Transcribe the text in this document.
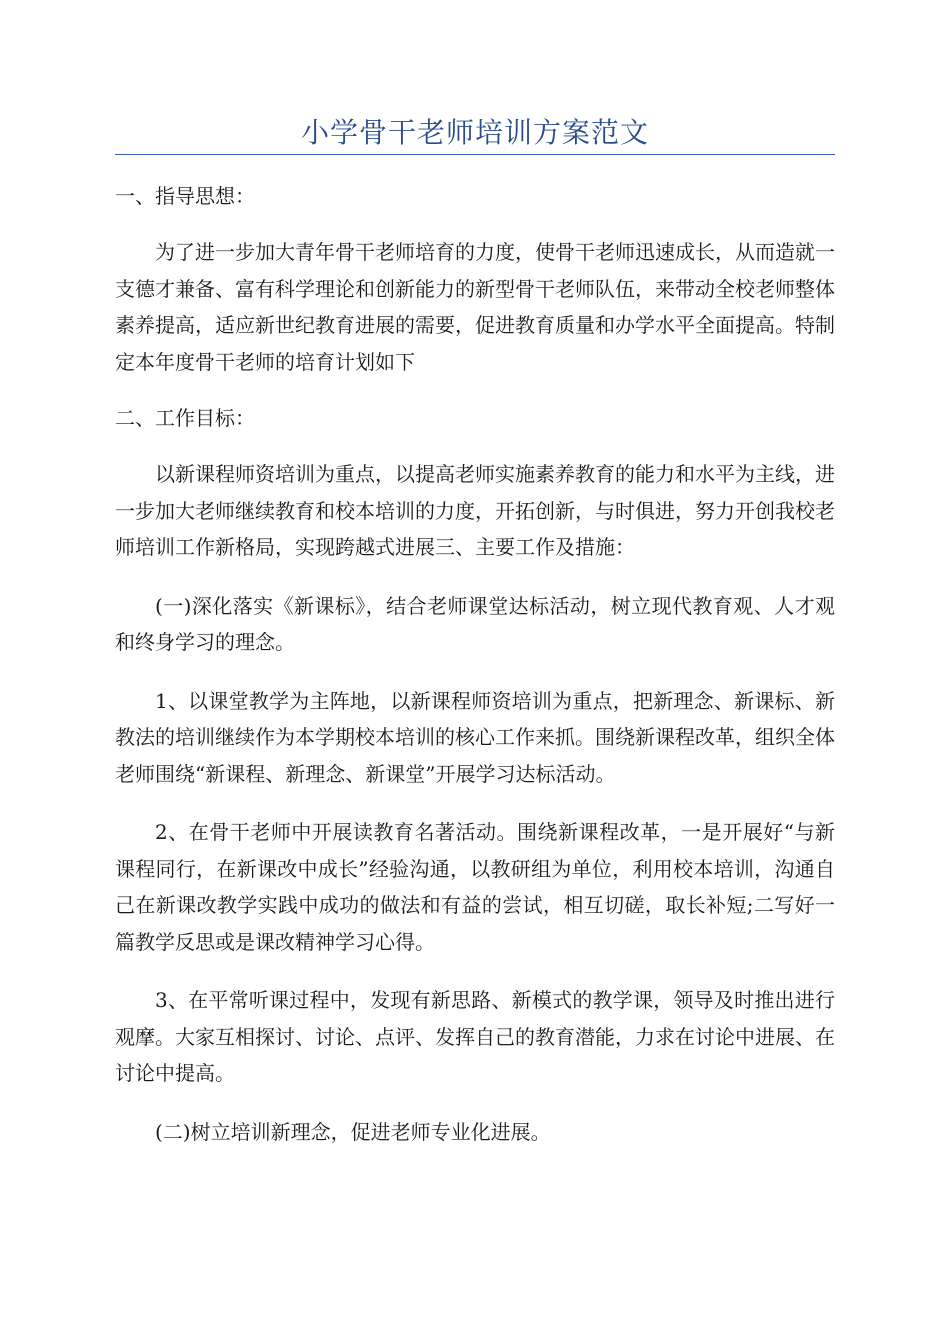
小学骨干老师培训方案范文

一、指导思想：

为了进一步加大青年骨干老师培育的力度，使骨干老师迅速成长，从而造就一支德才兼备、富有科学理论和创新能力的新型骨干老师队伍，来带动全校老师整体素养提高，适应新世纪教育进展的需要，促进教育质量和办学水平全面提高。特制定本年度骨干老师的培育计划如下

二、工作目标：

以新课程师资培训为重点，以提高老师实施素养教育的能力和水平为主线，进一步加大老师继续教育和校本培训的力度，开拓创新，与时俱进，努力开创我校老师培训工作新格局，实现跨越式进展三、主要工作及措施：

(一)深化落实《新课标》，结合老师课堂达标活动，树立现代教育观、人才观和终身学习的理念。

1、以课堂教学为主阵地，以新课程师资培训为重点，把新理念、新课标、新教法的培训继续作为本学期校本培训的核心工作来抓。围绕新课程改革，组织全体老师围绕“新课程、新理念、新课堂”开展学习达标活动。

2、在骨干老师中开展读教育名著活动。围绕新课程改革，一是开展好“与新课程同行，在新课改中成长”经验沟通，以教研组为单位，利用校本培训，沟通自己在新课改教学实践中成功的做法和有益的尝试，相互切磋，取长补短;二写好一篇教学反思或是课改精神学习心得。

3、在平常听课过程中，发现有新思路、新模式的教学课，领导及时推出进行观摩。大家互相探讨、讨论、点评、发挥自己的教育潜能，力求在讨论中进展、在讨论中提高。

(二)树立培训新理念，促进老师专业化进展。
